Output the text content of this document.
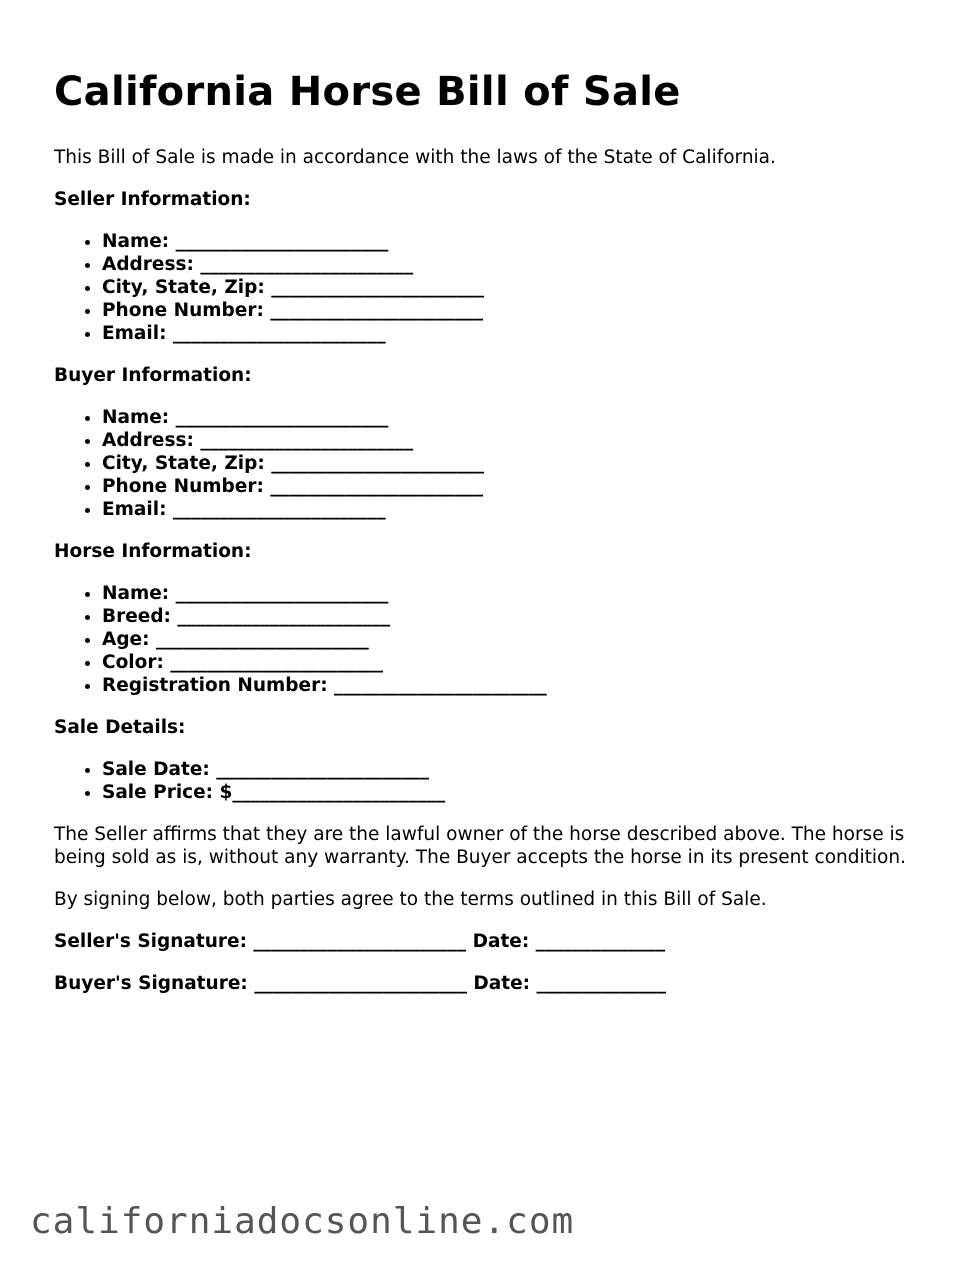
California Horse Bill of Sale

This Bill of Sale is made in accordance with the laws of the State of California.

Seller Information:
• Name: _______________________
• Address: _______________________
• City, State, Zip: _______________________
• Phone Number: _______________________
• Email: _______________________
Buyer Information:
• Name: _______________________
• Address: _______________________
• City, State, Zip: _______________________
• Phone Number: _______________________
• Email: _______________________
Horse Information:
• Name: _______________________
• Breed: _______________________
• Age: _______________________
• Color: _______________________
• Registration Number: _______________________
Sale Details:
• Sale Date: _______________________
• Sale Price: $_______________________

The Seller affirms that they are the lawful owner of the horse described above. The horse is being sold as is, without any warranty. The Buyer accepts the horse in its present condition.

By signing below, both parties agree to the terms outlined in this Bill of Sale.

Seller's Signature: _______________________ Date: ______________
Buyer's Signature: _______________________ Date: ______________
californiadocsonline.com
